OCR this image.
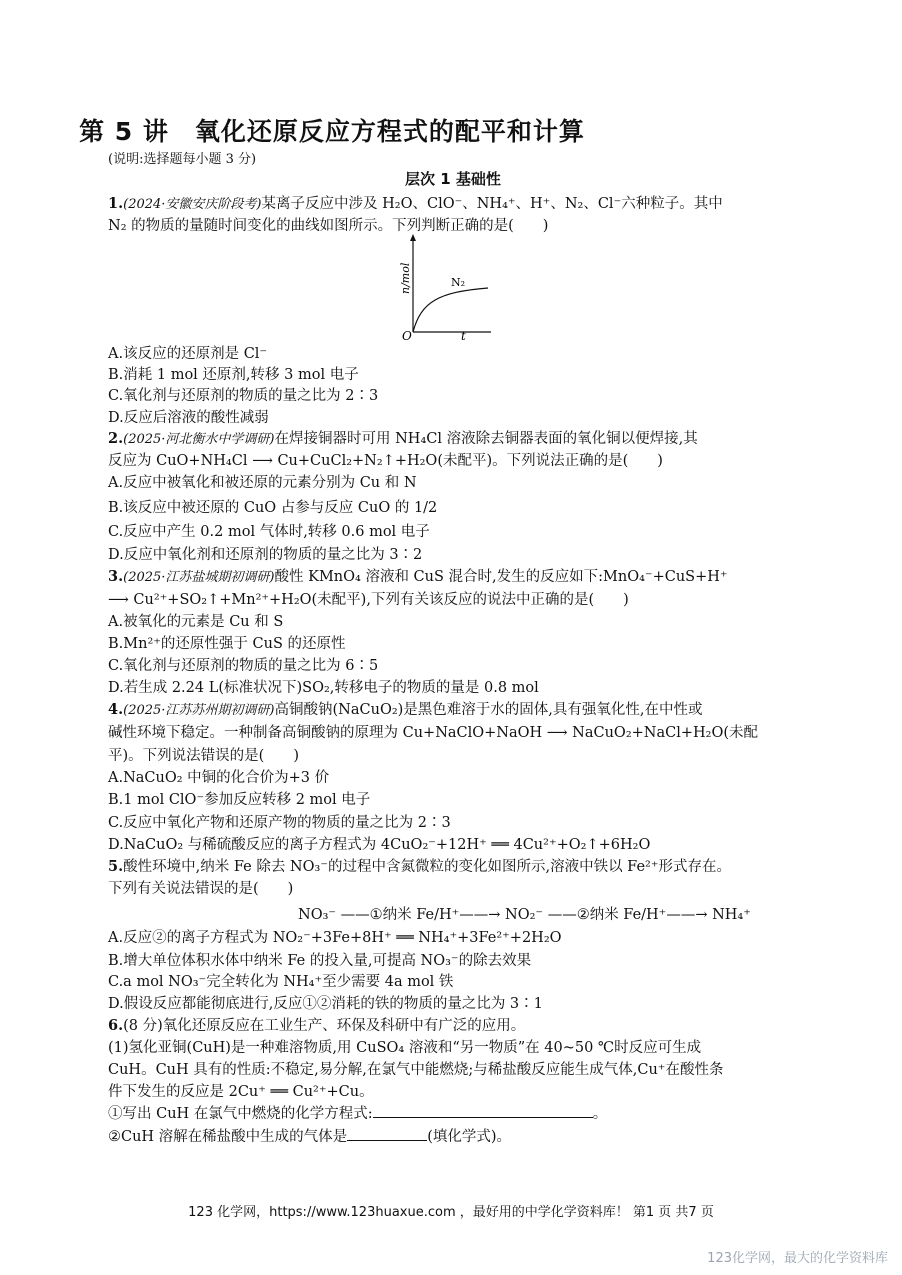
第 5 讲　氧化还原反应方程式的配平和计算
(说明:选择题每小题 3 分)
层次 1 基础性
1.(2024·安徽安庆阶段考)某离子反应中涉及 H₂O、ClO⁻、NH₄⁺、H⁺、N₂、Cl⁻六种粒子。其中
N₂ 的物质的量随时间变化的曲线如图所示。下列判断正确的是(　　)
A.该反应的还原剂是 Cl⁻
B.消耗 1 mol 还原剂,转移 3 mol 电子
C.氧化剂与还原剂的物质的量之比为 2∶3
D.反应后溶液的酸性减弱
2.(2025·河北衡水中学调研)在焊接铜器时可用 NH₄Cl 溶液除去铜器表面的氧化铜以便焊接,其
反应为 CuO+NH₄Cl ⟶ Cu+CuCl₂+N₂↑+H₂O(未配平)。下列说法正确的是(　　)
A.反应中被氧化和被还原的元素分别为 Cu 和 N
B.该反应中被还原的 CuO 占参与反应 CuO 的 1/2
C.反应中产生 0.2 mol 气体时,转移 0.6 mol 电子
D.反应中氧化剂和还原剂的物质的量之比为 3∶2
3.(2025·江苏盐城期初调研)酸性 KMnO₄ 溶液和 CuS 混合时,发生的反应如下:MnO₄⁻+CuS+H⁺
⟶ Cu²⁺+SO₂↑+Mn²⁺+H₂O(未配平),下列有关该反应的说法中正确的是(　　)
A.被氧化的元素是 Cu 和 S
B.Mn²⁺的还原性强于 CuS 的还原性
C.氧化剂与还原剂的物质的量之比为 6∶5
D.若生成 2.24 L(标准状况下)SO₂,转移电子的物质的量是 0.8 mol
4.(2025·江苏苏州期初调研)高铜酸钠(NaCuO₂)是黑色难溶于水的固体,具有强氧化性,在中性或
碱性环境下稳定。一种制备高铜酸钠的原理为 Cu+NaClO+NaOH ⟶ NaCuO₂+NaCl+H₂O(未配
平)。下列说法错误的是(　　)
A.NaCuO₂ 中铜的化合价为+3 价
B.1 mol ClO⁻参加反应转移 2 mol 电子
C.反应中氧化产物和还原产物的物质的量之比为 2∶3
D.NaCuO₂ 与稀硫酸反应的离子方程式为 4CuO₂⁻+12H⁺ ══ 4Cu²⁺+O₂↑+6H₂O
5.酸性环境中,纳米 Fe 除去 NO₃⁻的过程中含氮微粒的变化如图所示,溶液中铁以 Fe²⁺形式存在。
下列有关说法错误的是(　　)
NO₃⁻ ——①纳米 Fe/H⁺——→ NO₂⁻ ——②纳米 Fe/H⁺——→ NH₄⁺
A.反应②的离子方程式为 NO₂⁻+3Fe+8H⁺ ══ NH₄⁺+3Fe²⁺+2H₂O
B.增大单位体积水体中纳米 Fe 的投入量,可提高 NO₃⁻的除去效果
C.a mol NO₃⁻完全转化为 NH₄⁺至少需要 4a mol 铁
D.假设反应都能彻底进行,反应①②消耗的铁的物质的量之比为 3∶1
6.(8 分)氧化还原反应在工业生产、环保及科研中有广泛的应用。
(1)氢化亚铜(CuH)是一种难溶物质,用 CuSO₄ 溶液和“另一物质”在 40~50 ℃时反应可生成
CuH。CuH 具有的性质:不稳定,易分解,在氯气中能燃烧;与稀盐酸反应能生成气体,Cu⁺在酸性条
件下发生的反应是 2Cu⁺ ══ Cu²⁺+Cu。
①写出 CuH 在氯气中燃烧的化学方程式:	。
②CuH 溶解在稀盐酸中生成的气体是	(填化学式)。
n/mol	N₂
O	t
123 化学网，https://www.123huaxue.com ，最好用的中学化学资料库！ 第1 页 共7 页
123化学网，最大的化学资料库
